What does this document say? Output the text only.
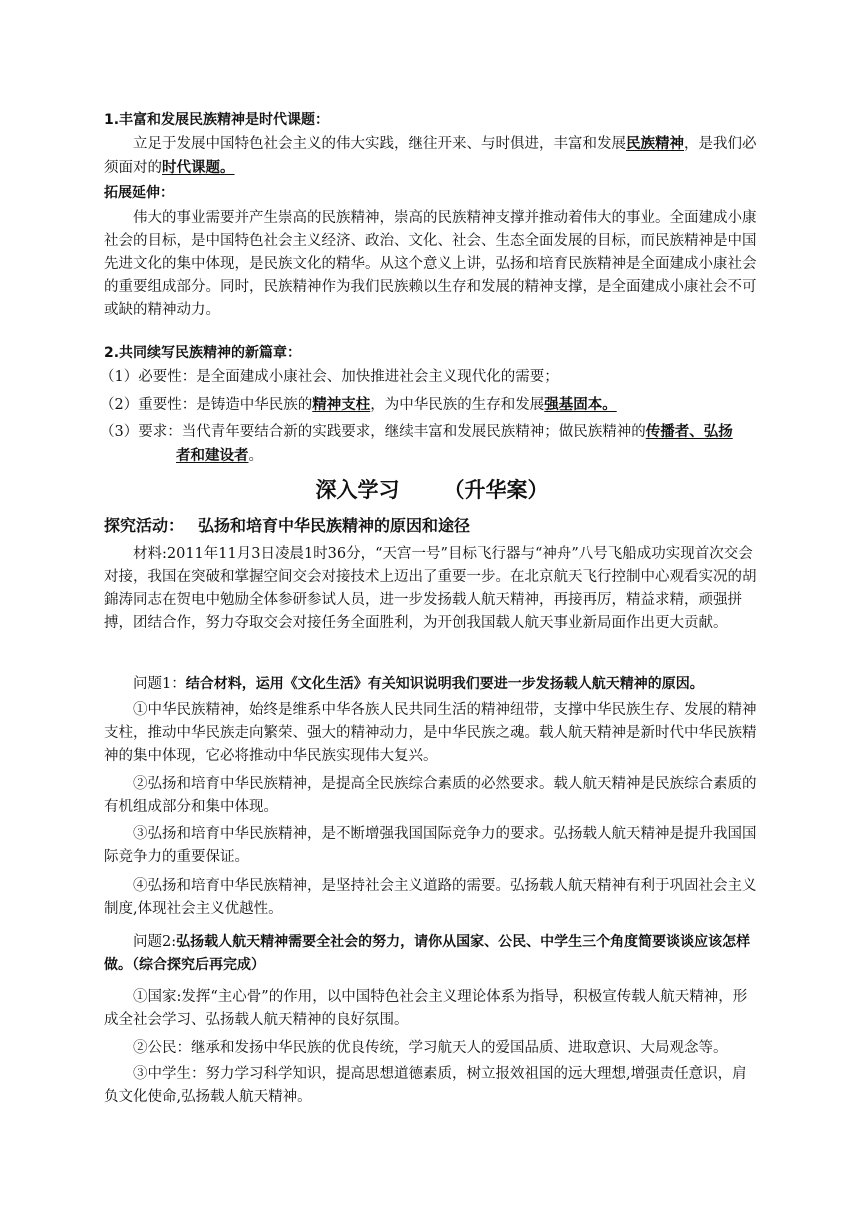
1.丰富和发展民族精神是时代课题：

立足于发展中国特色社会主义的伟大实践，继往开来、与时俱进，丰富和发展民族精神，是我们必须面对的时代课题。

拓展延伸：

伟大的事业需要并产生崇高的民族精神，崇高的民族精神支撑并推动着伟大的事业。全面建成小康社会的目标，是中国特色社会主义经济、政治、文化、社会、生态全面发展的目标，而民族精神是中国先进文化的集中体现，是民族文化的精华。从这个意义上讲，弘扬和培育民族精神是全面建成小康社会的重要组成部分。同时，民族精神作为我们民族赖以生存和发展的精神支撑，是全面建成小康社会不可或缺的精神动力。

2.共同续写民族精神的新篇章：

（1）必要性：是全面建成小康社会、加快推进社会主义现代化的需要；

（2）重要性：是铸造中华民族的精神支柱，为中华民族的生存和发展强基固本。

（3）要求：当代青年要结合新的实践要求，继续丰富和发展民族精神；做民族精神的传播者、弘扬

者和建设者。

深入学习 （升华案）

探究活动： 弘扬和培育中华民族精神的原因和途径

材料:2011年11月3日凌晨1时36分，“天宫一号”目标飞行器与“神舟”八号飞船成功实现首次交会对接，我国在突破和掌握空间交会对接技术上迈出了重要一步。在北京航天飞行控制中心观看实况的胡錦涛同志在贺电中勉励全体参研参试人员，进一步发扬载人航天精神，再接再厉，精益求精，顽强拼搏，团结合作，努力夺取交会对接任务全面胜利，为开创我国载人航天事业新局面作出更大贡献。

问题1：结合材料，运用《文化生活》有关知识说明我们要进一步发扬载人航天精神的原因。

①中华民族精神，始终是维系中华各族人民共同生活的精神纽带，支撑中华民族生存、发展的精神支柱，推动中华民族走向繁荣、强大的精神动力，是中华民族之魂。载人航天精神是新时代中华民族精神的集中体现，它必将推动中华民族实现伟大复兴。

②弘扬和培育中华民族精神，是提高全民族综合素质的必然要求。载人航天精神是民族综合素质的有机组成部分和集中体现。

③弘扬和培育中华民族精神，是不断增强我国国际竞争力的要求。弘扬载人航天精神是提升我国国际竞争力的重要保证。

④弘扬和培育中华民族精神，是坚持社会主义道路的需要。弘扬载人航天精神有利于巩固社会主义制度,体现社会主义优越性。

问题2:弘扬载人航天精神需要全社会的努力，请你从国家、公民、中学生三个角度简要谈谈应该怎样做。（综合探究后再完成）

①国家:发挥“主心骨”的作用，以中国特色社会主义理论体系为指导，积极宣传载人航天精神，形成全社会学习、弘扬载人航天精神的良好氛围。

②公民：继承和发扬中华民族的优良传统，学习航天人的爱国品质、进取意识、大局观念等。

③中学生：努力学习科学知识，提高思想道德素质，树立报效祖国的远大理想,增强责任意识，肩负文化使命,弘扬载人航天精神。
